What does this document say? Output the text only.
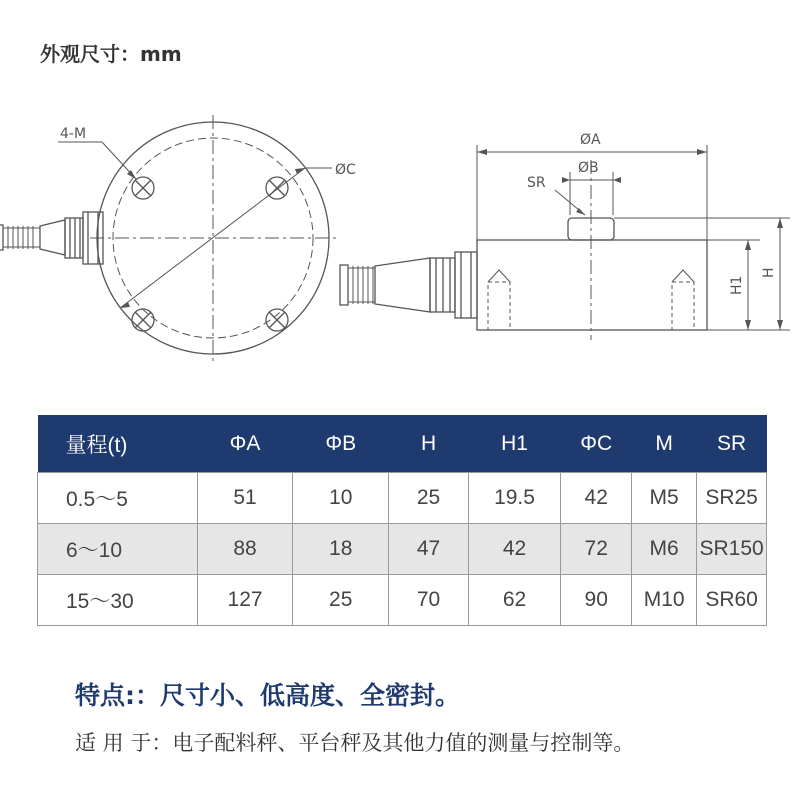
外观尺寸：mm
4-M
ØC
ØA
ØB
SR
H1
H
量程(t)	ΦA	ΦB	H	H1	ΦC	M	SR
0.5～5	51	10	25	19.5	42	M5	SR25
6～10	88	18	47	42	72	M6	SR150
15～30	127	25	70	62	90	M10	SR60
特点:：尺寸小、低高度、全密封。
适 用 于：电子配料秤、平台秤及其他力值的测量与控制等。
